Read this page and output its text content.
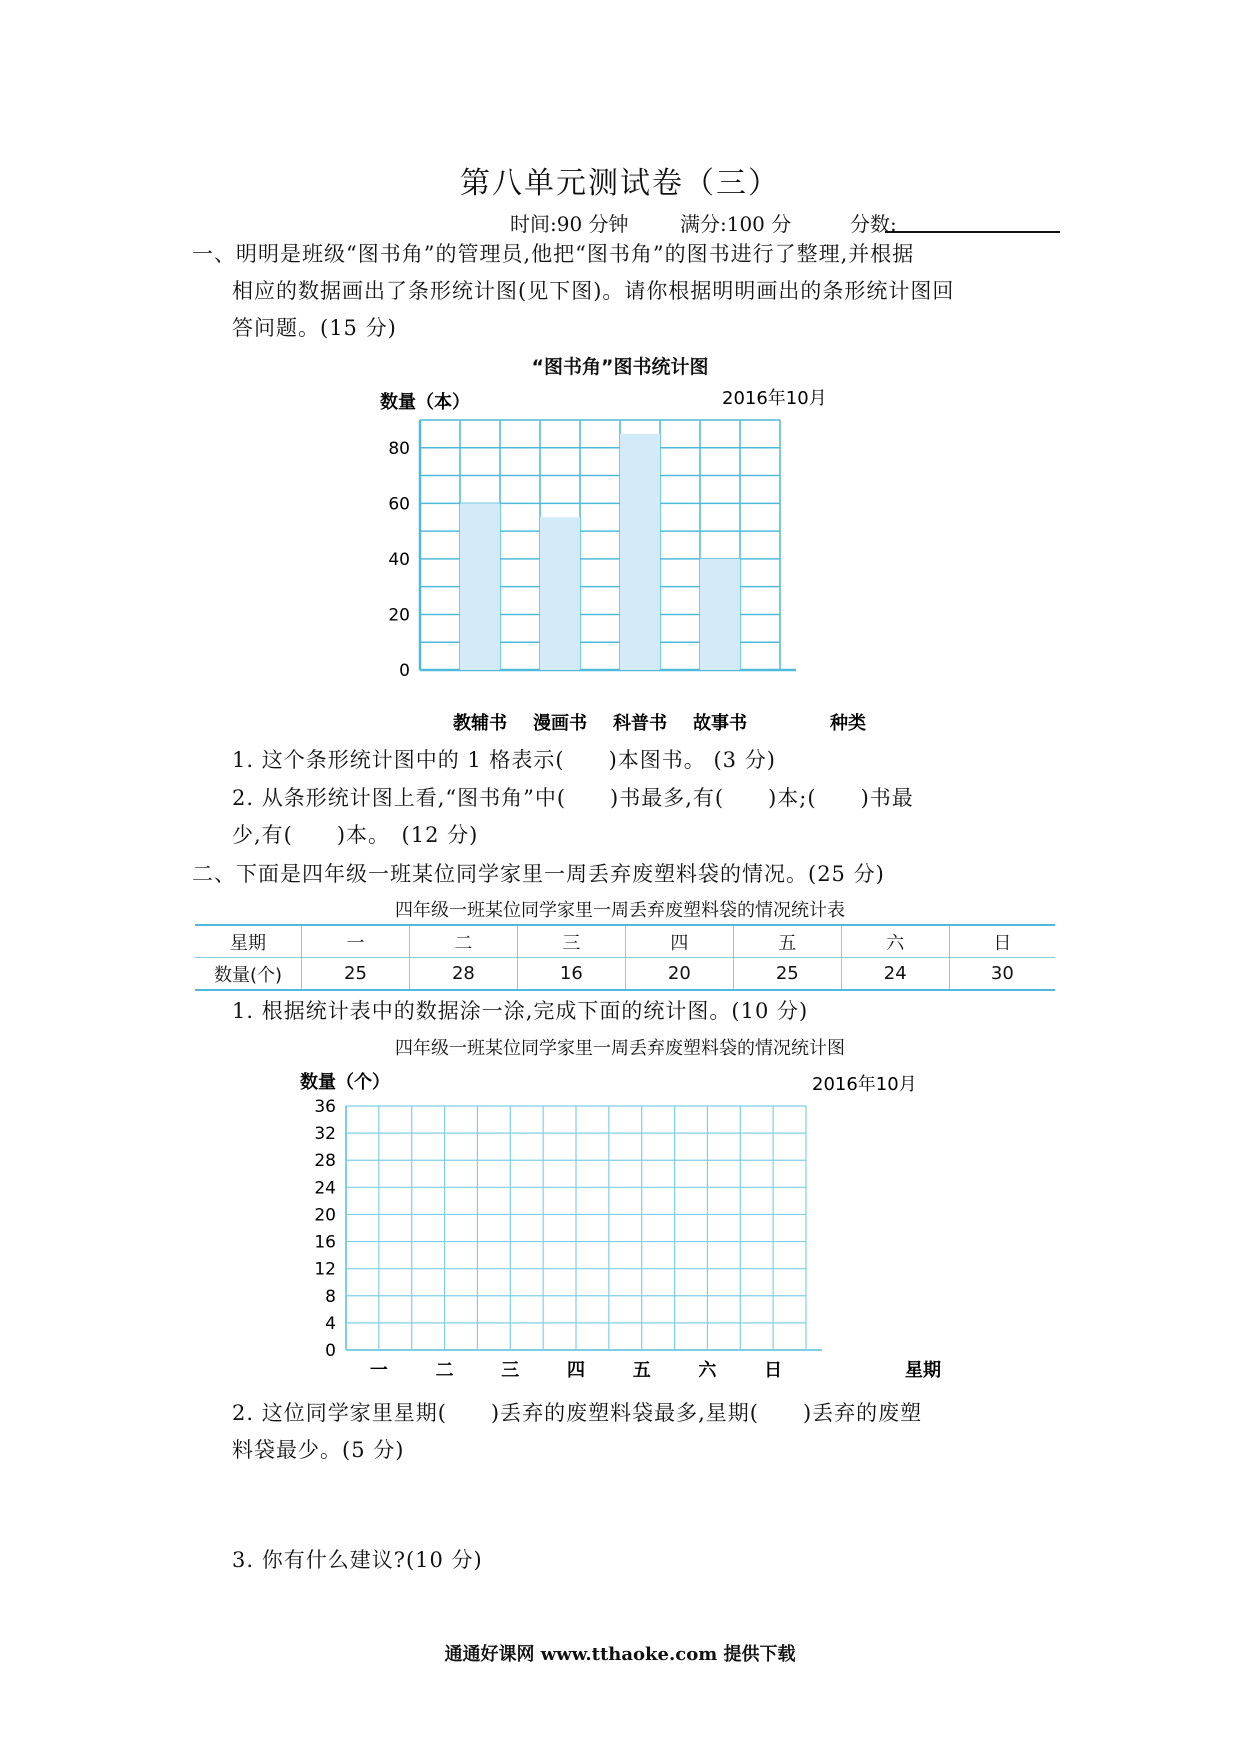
第八单元测试卷（三）
时间:90 分钟	满分:100 分	分数:
一、明明是班级“图书角”的管理员,他把“图书角”的图书进行了整理,并根据
相应的数据画出了条形统计图(见下图)。请你根据明明画出的条形统计图回
答问题。(15 分)
“图书角”图书统计图
数量（本）	2016年10月
0
20
40
60
80
教辅书 漫画书 科普书 故事书	种类
1. 这个条形统计图中的 1 格表示(　　)本图书。 (3 分)
2. 从条形统计图上看,“图书角”中(　　)书最多,有(　　)本;(　　)书最
少,有(　　)本。　(12 分)
二、下面是四年级一班某位同学家里一周丢弃废塑料袋的情况。(25 分)
四年级一班某位同学家里一周丢弃废塑料袋的情况统计表
星期	一	二	三	四	五	六	日
数量(个)	25	28	16	20	25	24	30
1. 根据统计表中的数据涂一涂,完成下面的统计图。(10 分)
四年级一班某位同学家里一周丢弃废塑料袋的情况统计图
数量（个）	2016年10月
0
4
8
12
16
20
24
28
32
36
一	二	三	四	五	六	日	星期
2. 这位同学家里星期(　　)丢弃的废塑料袋最多,星期(　　)丢弃的废塑
料袋最少。(5 分)
3. 你有什么建议?(10 分)
通通好课网 www.tthaoke.com 提供下载
